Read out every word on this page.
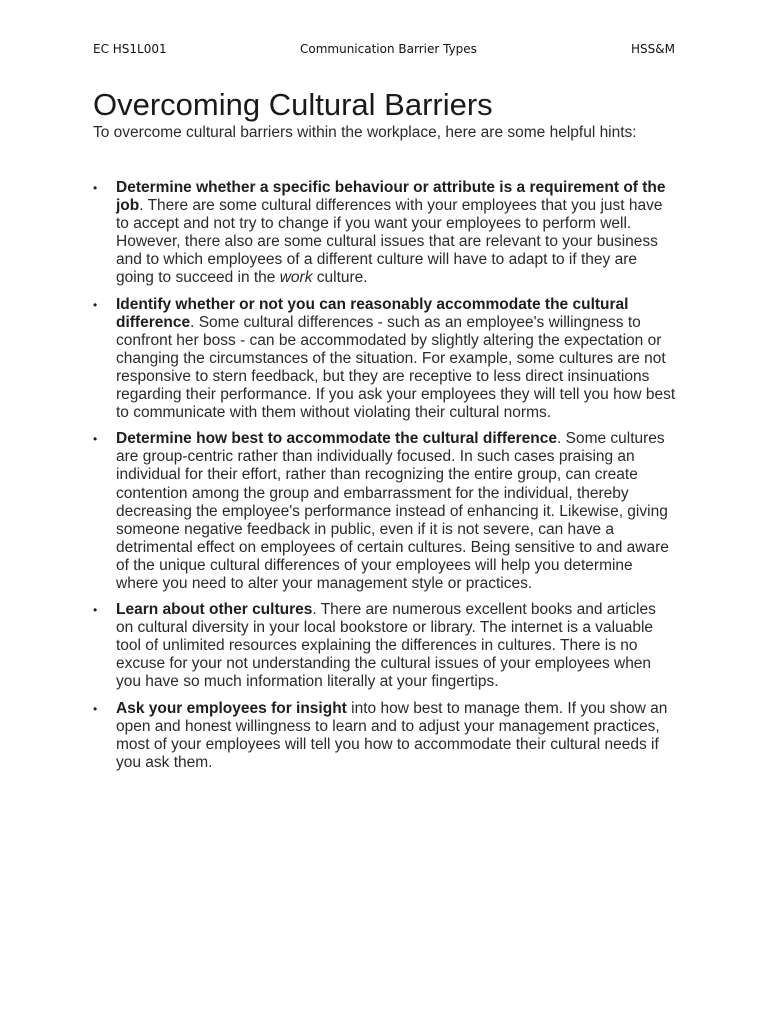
EC HS1L001	Communication Barrier Types	HSS&M
Overcoming Cultural Barriers

To overcome cultural barriers within the workplace, here are some helpful hints:

• Determine whether a specific behaviour or attribute is a requirement of the job. There are some cultural differences with your employees that you just have to accept and not try to change if you want your employees to perform well. However, there also are some cultural issues that are relevant to your business and to which employees of a different culture will have to adapt to if they are going to succeed in the work culture.
• Identify whether or not you can reasonably accommodate the cultural difference. Some cultural differences - such as an employee's willingness to confront her boss - can be accommodated by slightly altering the expectation or changing the circumstances of the situation. For example, some cultures are not responsive to stern feedback, but they are receptive to less direct insinuations regarding their performance. If you ask your employees they will tell you how best to communicate with them without violating their cultural norms.
• Determine how best to accommodate the cultural difference. Some cultures are group-centric rather than individually focused. In such cases praising an individual for their effort, rather than recognizing the entire group, can create contention among the group and embarrassment for the individual, thereby decreasing the employee's performance instead of enhancing it. Likewise, giving someone negative feedback in public, even if it is not severe, can have a detrimental effect on employees of certain cultures. Being sensitive to and aware of the unique cultural differences of your employees will help you determine where you need to alter your management style or practices.
• Learn about other cultures. There are numerous excellent books and articles on cultural diversity in your local bookstore or library. The internet is a valuable tool of unlimited resources explaining the differences in cultures. There is no excuse for your not understanding the cultural issues of your employees when you have so much information literally at your fingertips.
• Ask your employees for insight into how best to manage them. If you show an open and honest willingness to learn and to adjust your management practices, most of your employees will tell you how to accommodate their cultural needs if you ask them.
